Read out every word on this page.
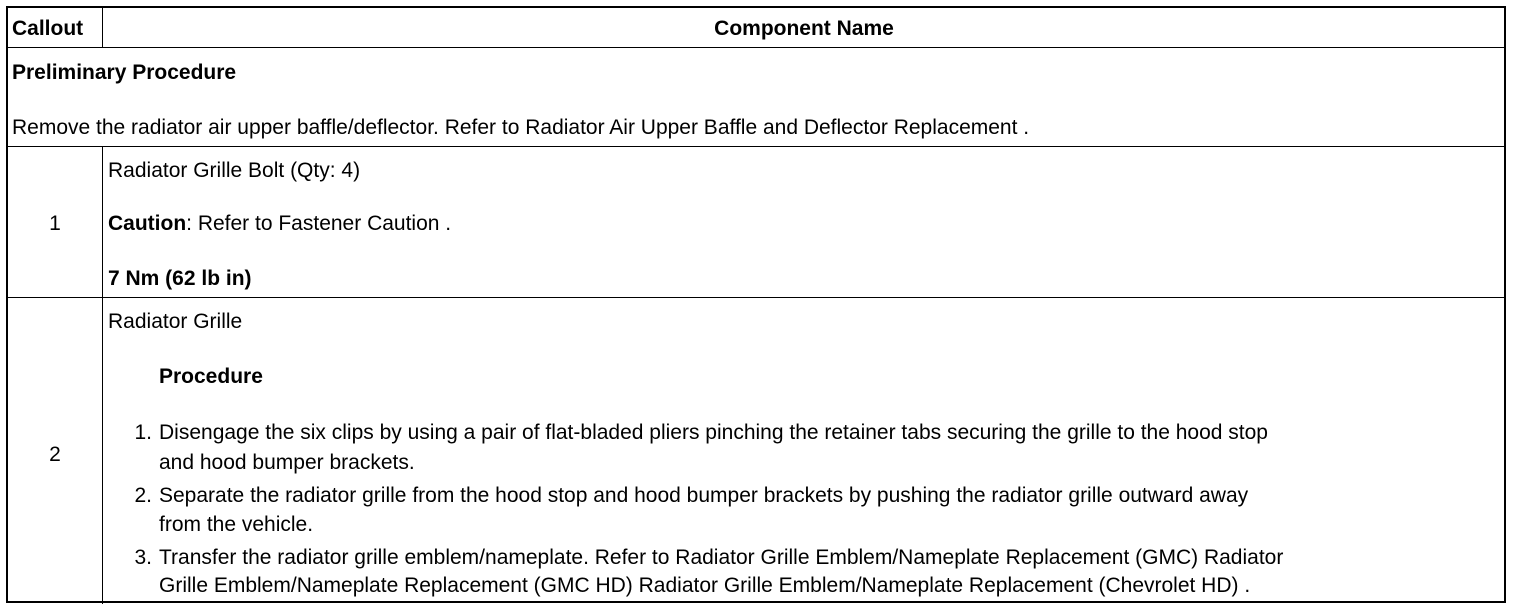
Callout	Component Name
Preliminary Procedure
Remove the radiator air upper baffle/deflector. Refer to Radiator Air Upper Baffle and Deflector Replacement .
1
Radiator Grille Bolt (Qty: 4)
Caution: Refer to Fastener Caution .
7 Nm (62 lb in)
2
Radiator Grille
Procedure
1. Disengage the six clips by using a pair of flat-bladed pliers pinching the retainer tabs securing the grille to the hood stop
and hood bumper brackets.
2. Separate the radiator grille from the hood stop and hood bumper brackets by pushing the radiator grille outward away
from the vehicle.
3. Transfer the radiator grille emblem/nameplate. Refer to Radiator Grille Emblem/Nameplate Replacement (GMC) Radiator
Grille Emblem/Nameplate Replacement (GMC HD) Radiator Grille Emblem/Nameplate Replacement (Chevrolet HD) .
